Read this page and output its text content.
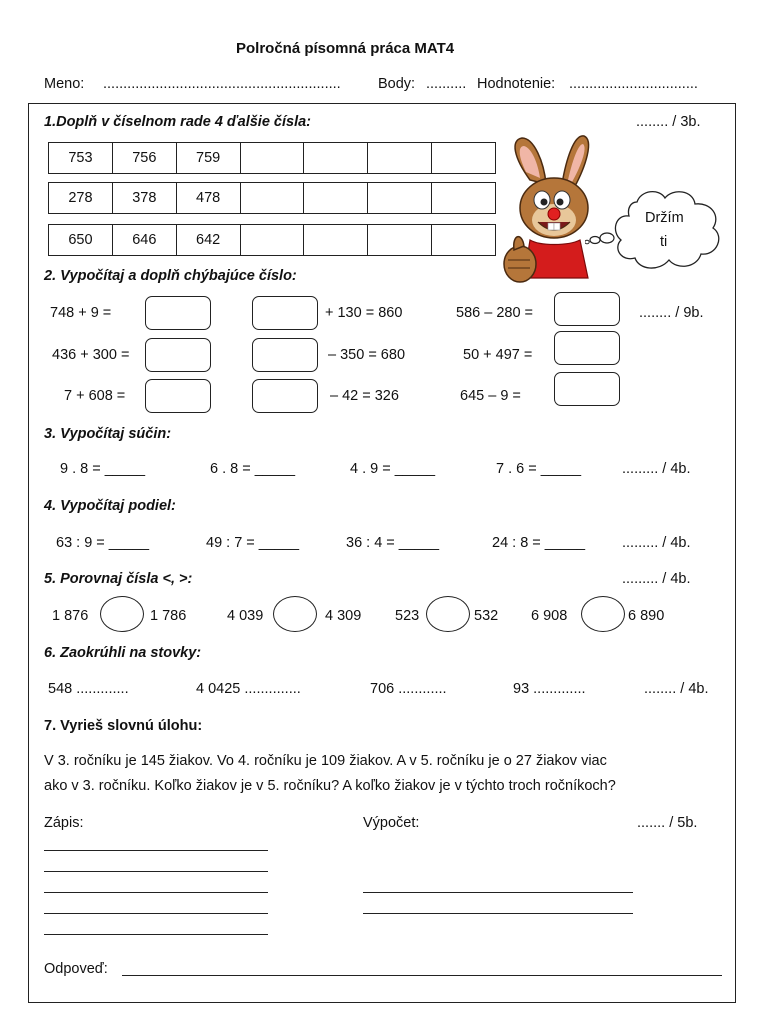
Polročná písomná práca MAT4
Meno: ...........................................................	Body: .......... Hodnotenie: ................................
1.Doplň v číselnom rade 4 ďalšie čísla:	........ / 3b.
753	756	759
278	378	478
650	646	642
Držím
ti
2. Vypočítaj a doplň chýbajúce číslo:
748 + 9 =	+ 130 = 860	586 – 280 =	........ / 9b.
436 + 300 =	– 350 = 680	50 + 497 =
7 + 608 =	– 42 = 326	645 – 9 =
3. Vypočítaj súčin:
9 . 8 = _____	6 . 8 = _____	4 . 9 = _____	7 . 6 = _____	......... / 4b.
4. Vypočítaj podiel:
63 : 9 = _____	49 : 7 = _____	36 : 4 = _____	24 : 8 = _____	......... / 4b.
5. Porovnaj čísla <, >:	......... / 4b.
1 876	1 786	4 039	4 309 523	532 6 908	6 890
6. Zaokrúhli na stovky:
548 .............	4 0425 ..............	706 ............	93 .............	........ / 4b.
7. Vyrieš slovnú úlohu:
V 3. ročníku je 145 žiakov. Vo 4. ročníku je 109 žiakov. A v 5. ročníku je o 27 žiakov viac
ako v 3. ročníku. Koľko žiakov je v 5. ročníku? A koľko žiakov je v týchto troch ročníkoch?
Zápis:	Výpočet:	....... / 5b.
Odpoveď:
